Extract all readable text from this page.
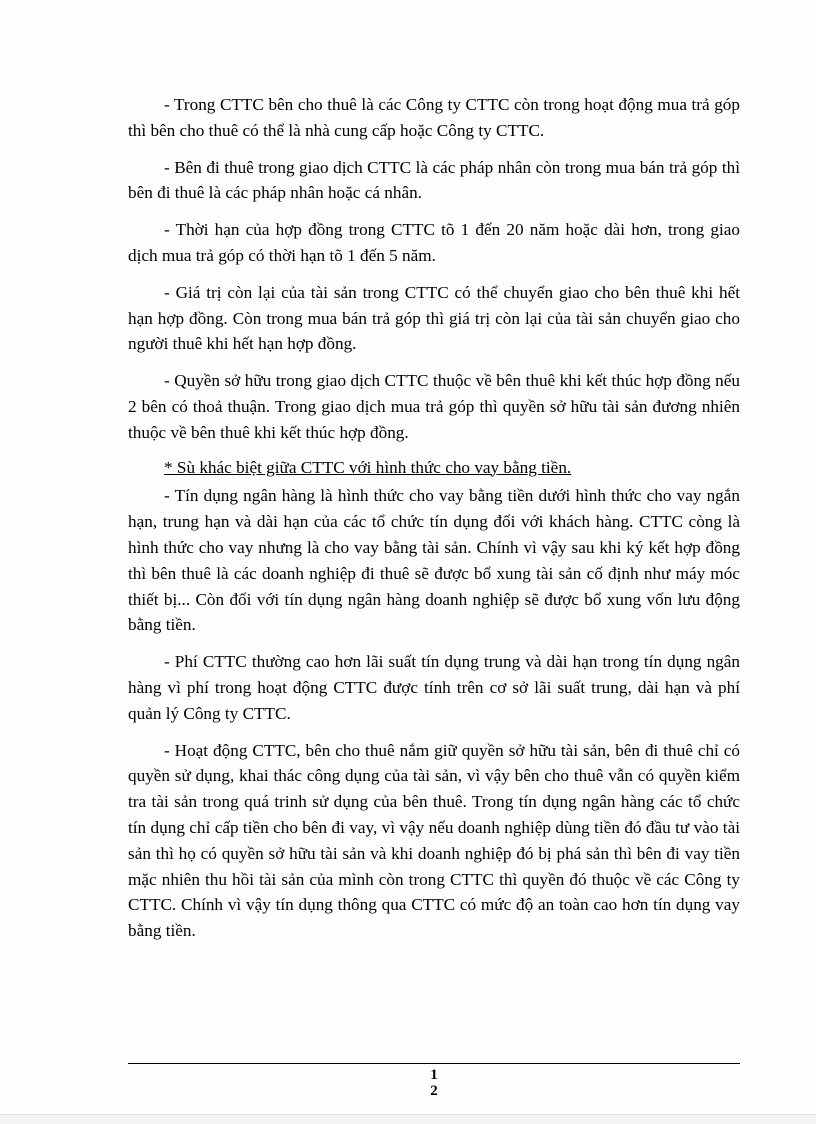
- Trong CTTC bên cho thuê là các Công ty CTTC còn trong hoạt động mua trả góp thì bên cho thuê có thể là nhà cung cấp hoặc Công ty CTTC.

- Bên đi thuê trong giao dịch CTTC là các pháp nhân còn trong mua bán trả góp thì bên đi thuê là các pháp nhân hoặc cá nhân.

- Thời hạn của hợp đồng trong CTTC tõ 1 đến 20 năm hoặc dài hơn, trong giao dịch mua trả góp có thời hạn tõ 1 đến 5 năm.

- Giá trị còn lại của tài sản trong CTTC có thể chuyển giao cho bên thuê khi hết hạn hợp đồng. Còn trong mua bán trả góp thì giá trị còn lại của tài sản chuyển giao cho người thuê khi hết hạn hợp đồng.

- Quyền sở hữu trong giao dịch CTTC thuộc về bên thuê khi kết thúc hợp đồng nếu 2 bên có thoả thuận. Trong giao dịch mua trả góp thì quyền sở hữu tài sản đương nhiên thuộc về bên thuê khi kết thúc hợp đồng.

* Sù khác biệt giữa CTTC với hình thức cho vay bằng tiền.

- Tín dụng ngân hàng là hình thức cho vay bằng tiền dưới hình thức cho vay ngắn hạn, trung hạn và dài hạn của các tổ chức tín dụng đối với khách hàng. CTTC còng là hình thức cho vay nhưng là cho vay bằng tài sản. Chính vì vậy sau khi ký kết hợp đồng thì bên thuê là các doanh nghiệp đi thuê sẽ được bổ xung tài sản cố định như máy móc thiết bị... Còn đối với tín dụng ngân hàng doanh nghiệp sẽ được bổ xung vốn lưu động bằng tiền.

- Phí CTTC thường cao hơn lãi suất tín dụng trung và dài hạn trong tín dụng ngân hàng vì phí trong hoạt động CTTC được tính trên cơ sở lãi suất trung, dài hạn và phí quản lý Công ty CTTC.

- Hoạt động CTTC, bên cho thuê nắm giữ quyền sở hữu tài sản, bên đi thuê chỉ có quyền sử dụng, khai thác công dụng của tài sản, vì vậy bên cho thuê vẫn có quyền kiểm tra tài sản trong quá trinh sử dụng của bên thuê. Trong tín dụng ngân hàng các tổ chức tín dụng chỉ cấp tiền cho bên đi vay, vì vậy nếu doanh nghiệp dùng tiền đó đầu tư vào tài sản thì họ có quyền sở hữu tài sản và khi doanh nghiệp đó bị phá sản thì bên đi vay tiền mặc nhiên thu hồi tài sản của mình còn trong CTTC thì quyền đó thuộc về các Công ty CTTC. Chính vì vậy tín dụng thông qua CTTC có mức độ an toàn cao hơn tín dụng vay bằng tiền.

1
2
